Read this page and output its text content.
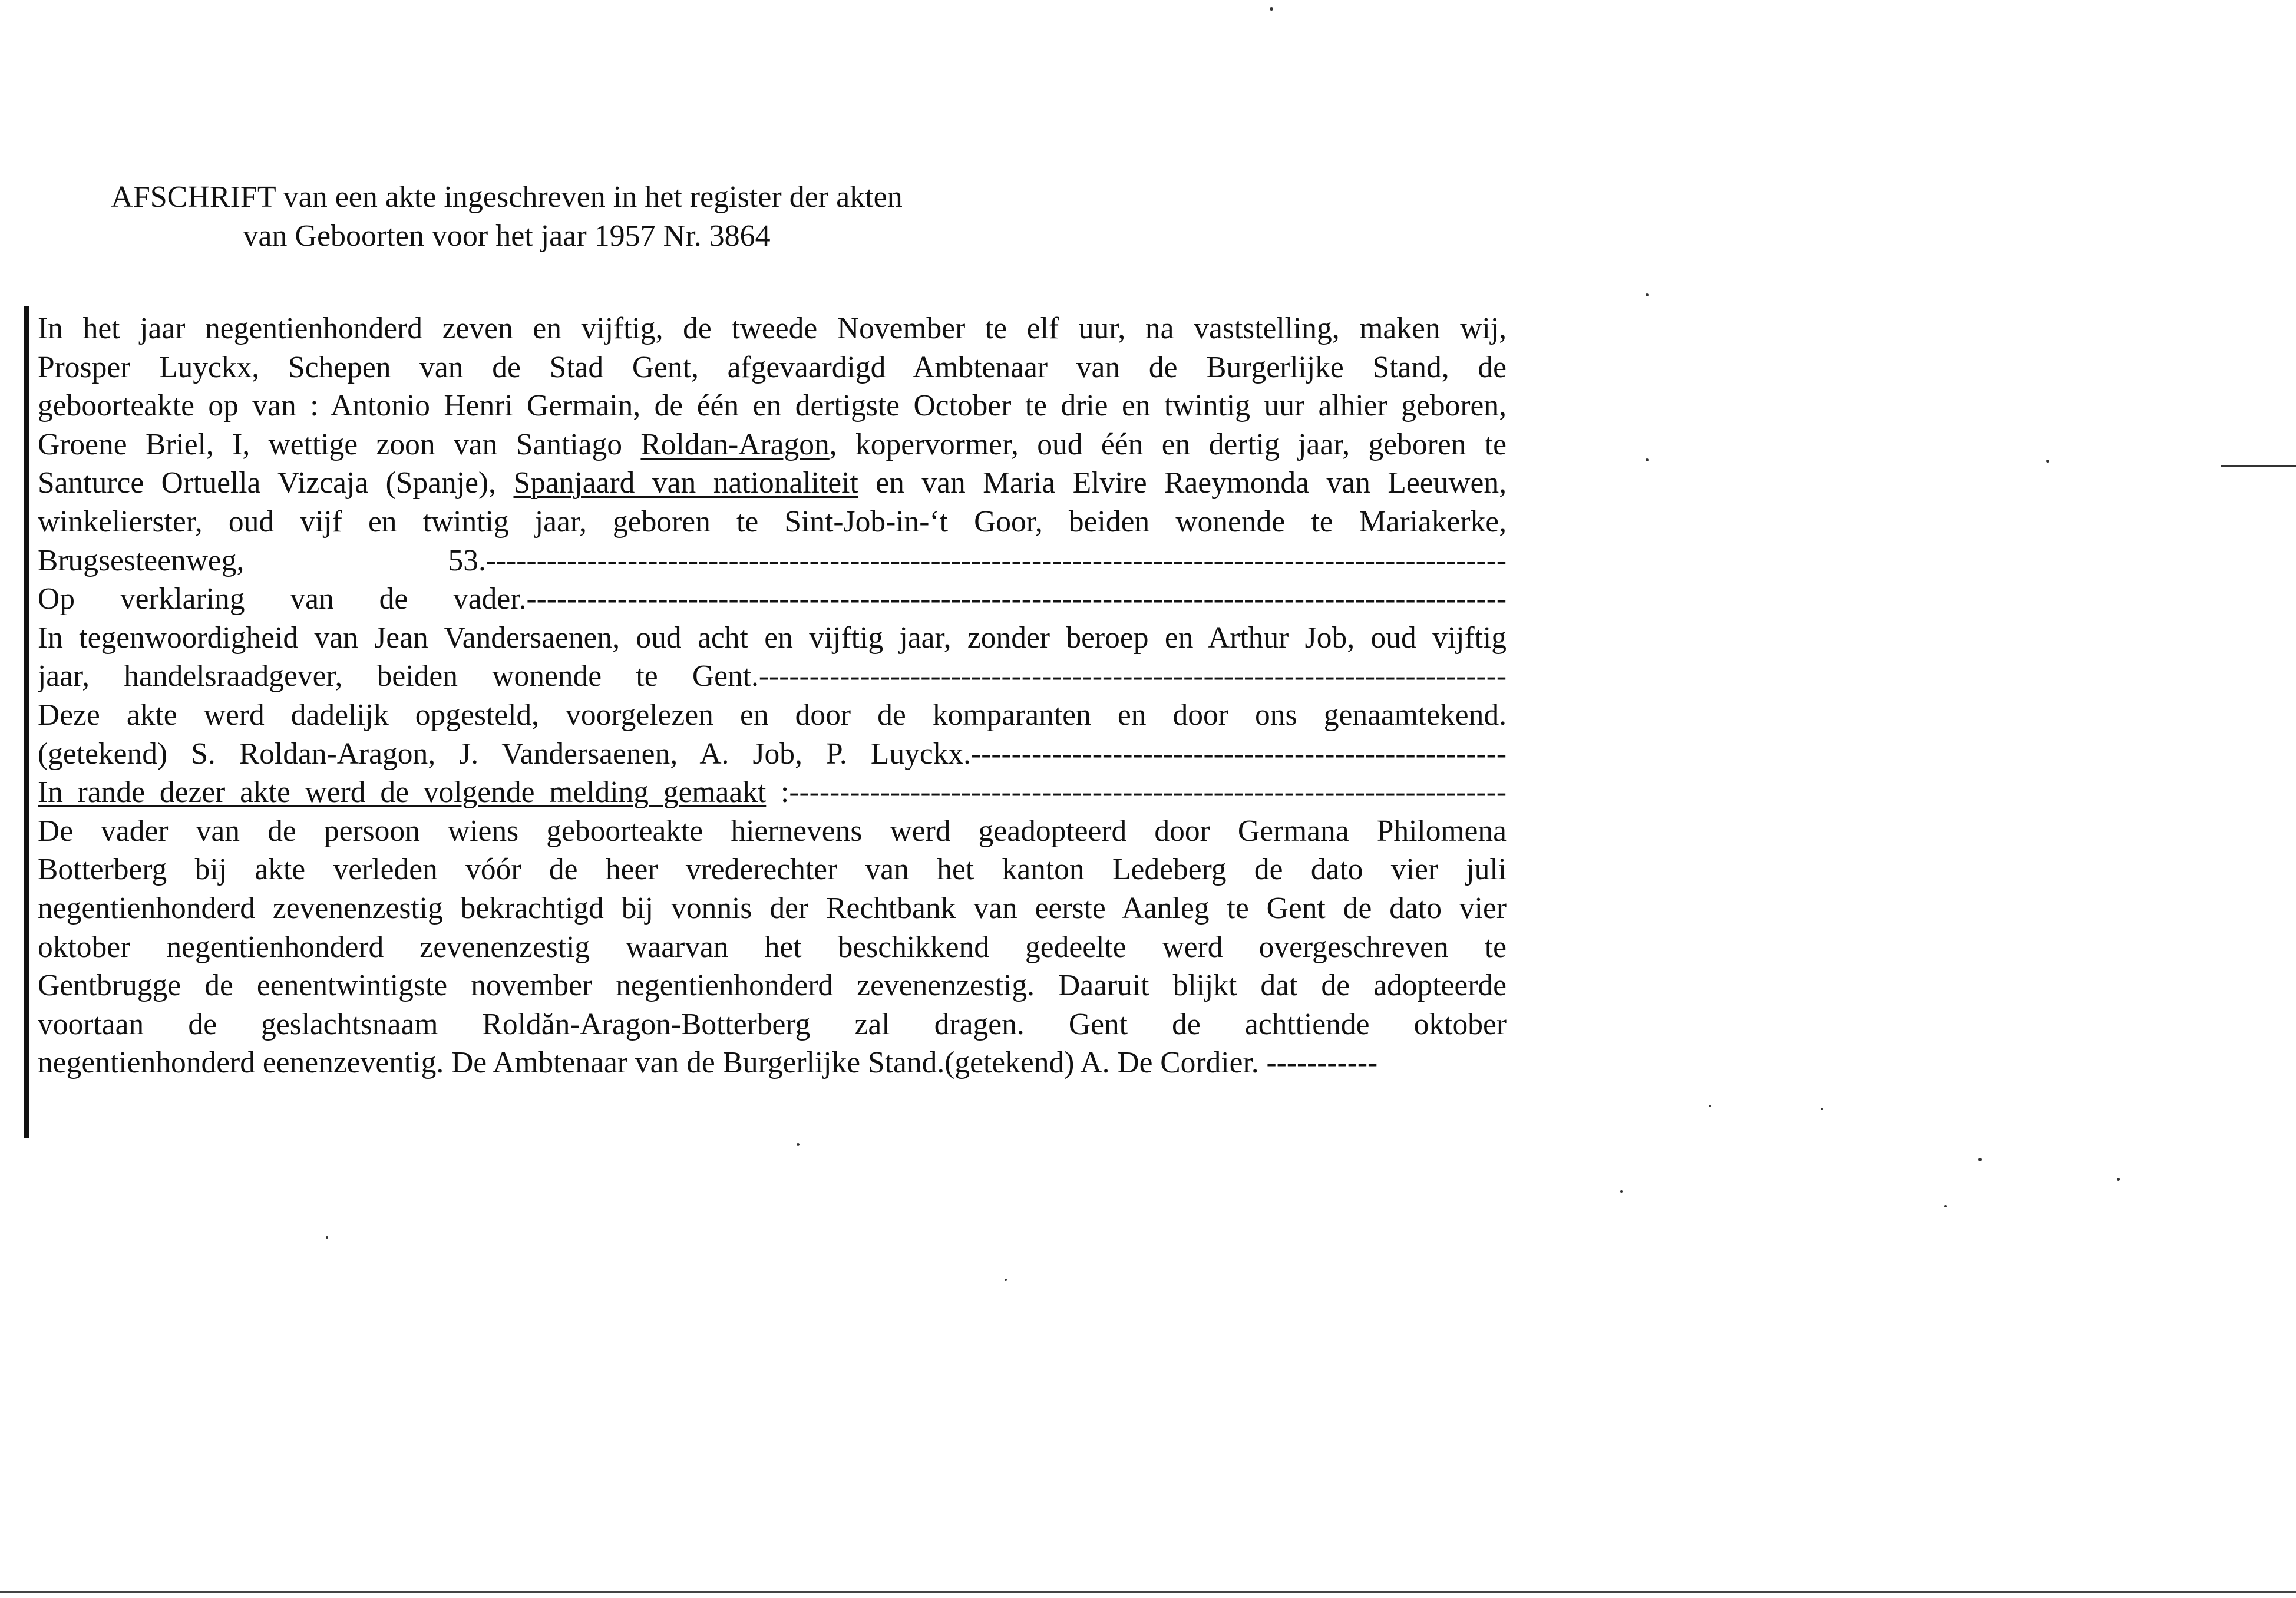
AFSCHRIFT van een akte ingeschreven in het register der akten
van Geboorten voor het jaar 1957 Nr. 3864
In het jaar negentienhonderd zeven en vijftig, de tweede November te elf uur, na vaststelling, maken wij,
Prosper Luyckx, Schepen van de Stad Gent, afgevaardigd Ambtenaar van de Burgerlijke Stand, de
geboorteakte op van : Antonio Henri Germain, de één en dertigste October te drie en twintig uur alhier geboren,
Groene Briel, I, wettige zoon van Santiago Roldan-Aragon, kopervormer, oud één en dertig jaar, geboren te
Santurce Ortuella Vizcaja (Spanje), Spanjaard van nationaliteit en van Maria Elvire Raeymonda van Leeuwen,
winkelierster, oud vijf en twintig jaar, geboren te Sint-Job-in-‘t Goor, beiden wonende te Mariakerke,
Brugsesteenweg, 53.-----------------------------------------------------------------------------------------------------
Op verklaring van de vader.-------------------------------------------------------------------------------------------------
In tegenwoordigheid van Jean Vandersaenen, oud acht en vijftig jaar, zonder beroep en Arthur Job, oud vijftig
jaar, handelsraadgever, beiden wonende te Gent.--------------------------------------------------------------------------
Deze akte werd dadelijk opgesteld, voorgelezen en door de komparanten en door ons genaamtekend.
(getekend) S. Roldan-Aragon, J. Vandersaenen, A. Job, P. Luyckx.-----------------------------------------------------
In rande dezer akte werd de volgende melding gemaakt :-----------------------------------------------------------------------
De vader van de persoon wiens geboorteakte hiernevens werd geadopteerd door Germana Philomena
Botterberg bij akte verleden vóór de heer vrederechter van het kanton Ledeberg de dato vier juli
negentienhonderd zevenenzestig bekrachtigd bij vonnis der Rechtbank van eerste Aanleg te Gent de dato vier
oktober negentienhonderd zevenenzestig waarvan het beschikkend gedeelte werd overgeschreven te
Gentbrugge de eenentwintigste november negentienhonderd zevenenzestig. Daaruit blijkt dat de adopteerde
voortaan de geslachtsnaam Roldăn-Aragon-Botterberg zal dragen. Gent de achttiende oktober
negentienhonderd eenenzeventig. De Ambtenaar van de Burgerlijke Stand.(getekend) A. De Cordier. -----------
